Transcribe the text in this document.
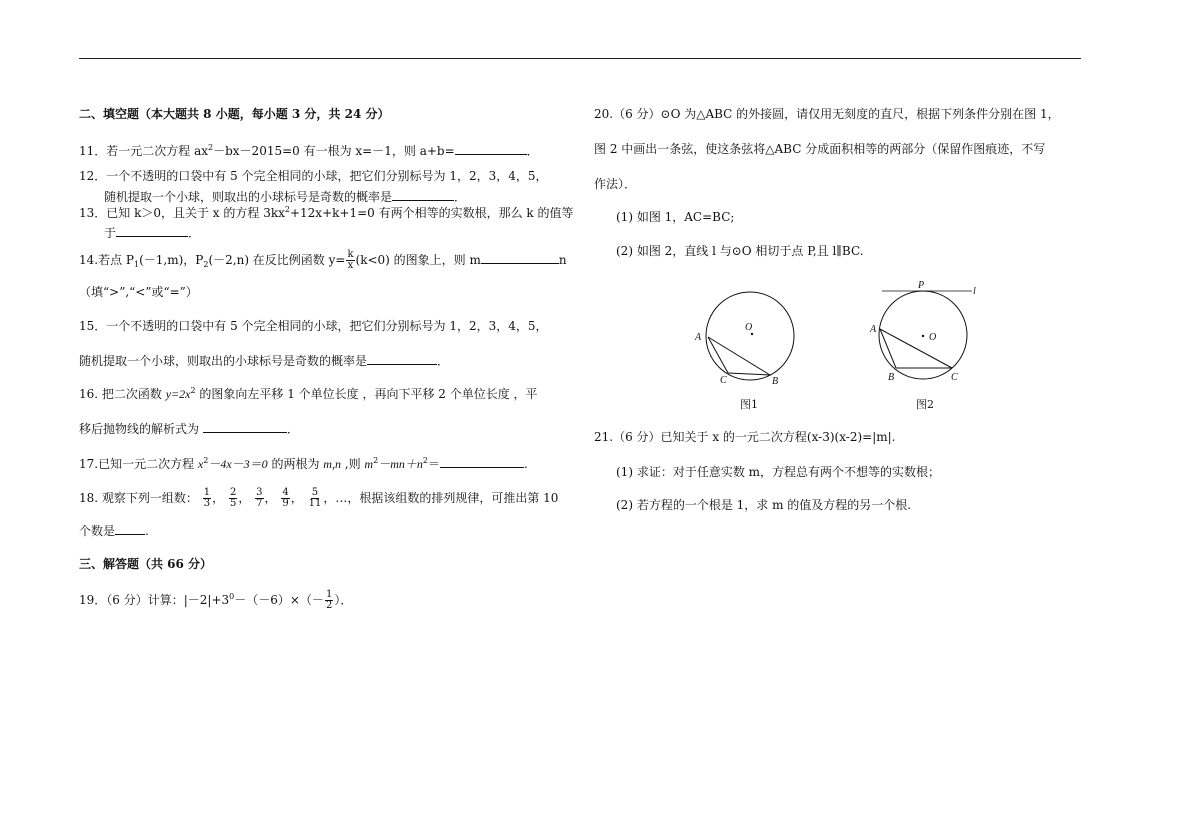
二、填空题（本大题共 8 小题，每小题 3 分，共 24 分）
11．若一元二次方程 $ax^2-bx-2015=0$ 有一根为 x=－1，则 a+b=	．
12．一个不透明的口袋中有 5 个完全相同的小球，把它们分别标号为 1，2，3，4，5，
随机提取一个小球，则取出的小球标号是奇数的概率是	．
13．已知 k＞0，且关于 x 的方程 $3kx^2+12x+k+1=0$ 有两个相等的实数根，那么 k 的值等
于	．
14.若点 $P_1(-1,m)$，$P_2(-2,n)$ 在反比例函数 $y= \frac{k}{x} (k<0)$ 的图象上，则 m	n
（填“>”,“<”或“=”）
15．一个不透明的口袋中有 5 个完全相同的小球，把它们分别标号为 1，2，3，4，5，
随机提取一个小球，则取出的小球标号是奇数的概率是	．
16. 把二次函数 $y=2x^2$ 的图象向左平移 1 个单位长度 ，再向下平移 2 个单位长度 ，平
移后抛物线的解析式为	．
17.已知一元二次方程 $x^2-4x-3=0$ 的两根为 m,n ,则 $m^2-mn+n^2=$	.
18. 观察下列一组数： $\frac{1}{3}$ ， $\frac{2}{5}$ ， $\frac{3}{7}$ ， $\frac{4}{9}$ ， $\frac{5}{11}$ ，…，根据该组数的排列规律，可推出第 10
个数是	.
三、解答题（共 66 分）
19．（6 分）计算：$|-2|+3^0-(-6)\times(- \frac{1}{2}$ ）．
20.（6 分）⊙O 为△ABC 的外接圆，请仅用无刻度的直尺，根据下列条件分别在图 1，
图 2 中画出一条弦，使这条弦将△ABC 分成面积相等的两部分（保留作图痕迹，不写
作法）．
(1) 如图 1，AC=BC;
(2) 如图 2，直线 l 与⊙O 相切于点 P,且 l∥BC.
O
A
C	B
图1
P
l
O
A
B	C
图2
21.（6 分）已知关于 x 的一元二次方程(x-3)(x-2)=|m|.
(1) 求证：对于任意实数 m，方程总有两个不想等的实数根；
(2) 若方程的一个根是 1，求 m 的值及方程的另一个根.
